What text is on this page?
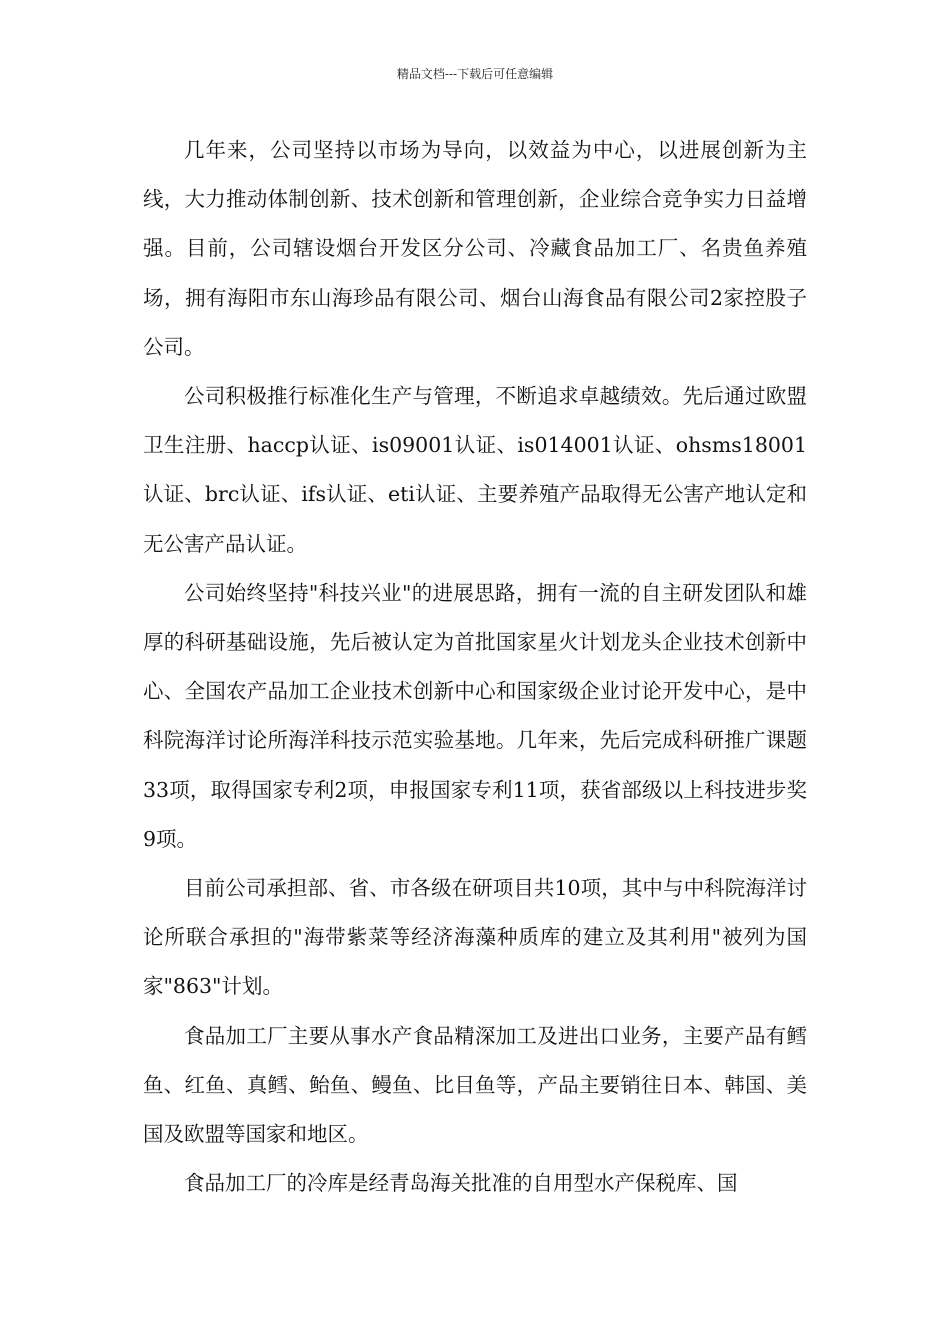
精品文档---下载后可任意编辑

几年来，公司坚持以市场为导向，以效益为中心，以进展创新为主线，大力推动体制创新、技术创新和管理创新，企业综合竞争实力日益增强。目前，公司辖设烟台开发区分公司、冷藏食品加工厂、名贵鱼养殖场，拥有海阳市东山海珍品有限公司、烟台山海食品有限公司2家控股子公司。

公司积极推行标准化生产与管理，不断追求卓越绩效。先后通过欧盟卫生注册、haccp认证、is09001认证、is014001认证、ohsms18001认证、brc认证、ifs认证、eti认证、主要养殖产品取得无公害产地认定和无公害产品认证。

公司始终坚持"科技兴业"的进展思路，拥有一流的自主研发团队和雄厚的科研基础设施，先后被认定为首批国家星火计划龙头企业技术创新中心、全国农产品加工企业技术创新中心和国家级企业讨论开发中心，是中科院海洋讨论所海洋科技示范实验基地。几年来，先后完成科研推广课题33项，取得国家专利2项，申报国家专利11项，获省部级以上科技进步奖9项。

目前公司承担部、省、市各级在研项目共10项，其中与中科院海洋讨论所联合承担的"海带紫菜等经济海藻种质库的建立及其利用"被列为国家"863"计划。

食品加工厂主要从事水产食品精深加工及进出口业务，主要产品有鳕鱼、红鱼、真鳕、鲐鱼、鳗鱼、比目鱼等，产品主要销往日本、韩国、美国及欧盟等国家和地区。

食品加工厂的冷库是经青岛海关批准的自用型水产保税库、国
